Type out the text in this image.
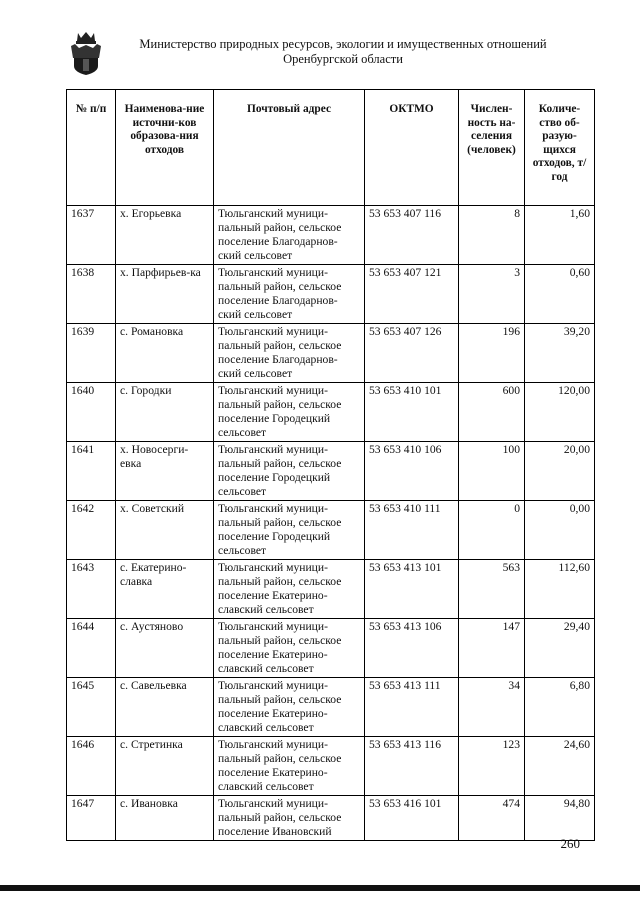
Министерство природных ресурсов, экологии и имущественных отношений
Оренбургской области
№ п/п	Наименова-ние источни-ков образова-ния отходов	Почтовый адрес	ОКТМО	Числен-ность на-селения (человек)	Количе-ство об-разую-щихся отходов, т/год
1637	х. Егорьевка	Тюльганский муници-пальный район, сельское поселение Благодарнов-ский сельсовет	53 653 407 116	8	1,60
1638	х. Парфирьев-ка	Тюльганский муници-пальный район, сельское поселение Благодарнов-ский сельсовет	53 653 407 121	3	0,60
1639	с. Романовка	Тюльганский муници-пальный район, сельское поселение Благодарнов-ский сельсовет	53 653 407 126	196	39,20
1640	с. Городки	Тюльганский муници-пальный район, сельское поселение Городецкий сельсовет	53 653 410 101	600	120,00
1641	х. Новосерги-евка	Тюльганский муници-пальный район, сельское поселение Городецкий сельсовет	53 653 410 106	100	20,00
1642	х. Советский	Тюльганский муници-пальный район, сельское поселение Городецкий сельсовет	53 653 410 111	0	0,00
1643	с. Екатерино-славка	Тюльганский муници-пальный район, сельское поселение Екатерино-славский сельсовет	53 653 413 101	563	112,60
1644	с. Аустяново	Тюльганский муници-пальный район, сельское поселение Екатерино-славский сельсовет	53 653 413 106	147	29,40
1645	с. Савельевка	Тюльганский муници-пальный район, сельское поселение Екатерино-славский сельсовет	53 653 413 111	34	6,80
1646	с. Стретинка	Тюльганский муници-пальный район, сельское поселение Екатерино-славский сельсовет	53 653 413 116	123	24,60
1647	с. Ивановка	Тюльганский муници-пальный район, сельское поселение Ивановский	53 653 416 101	474	94,80
260
